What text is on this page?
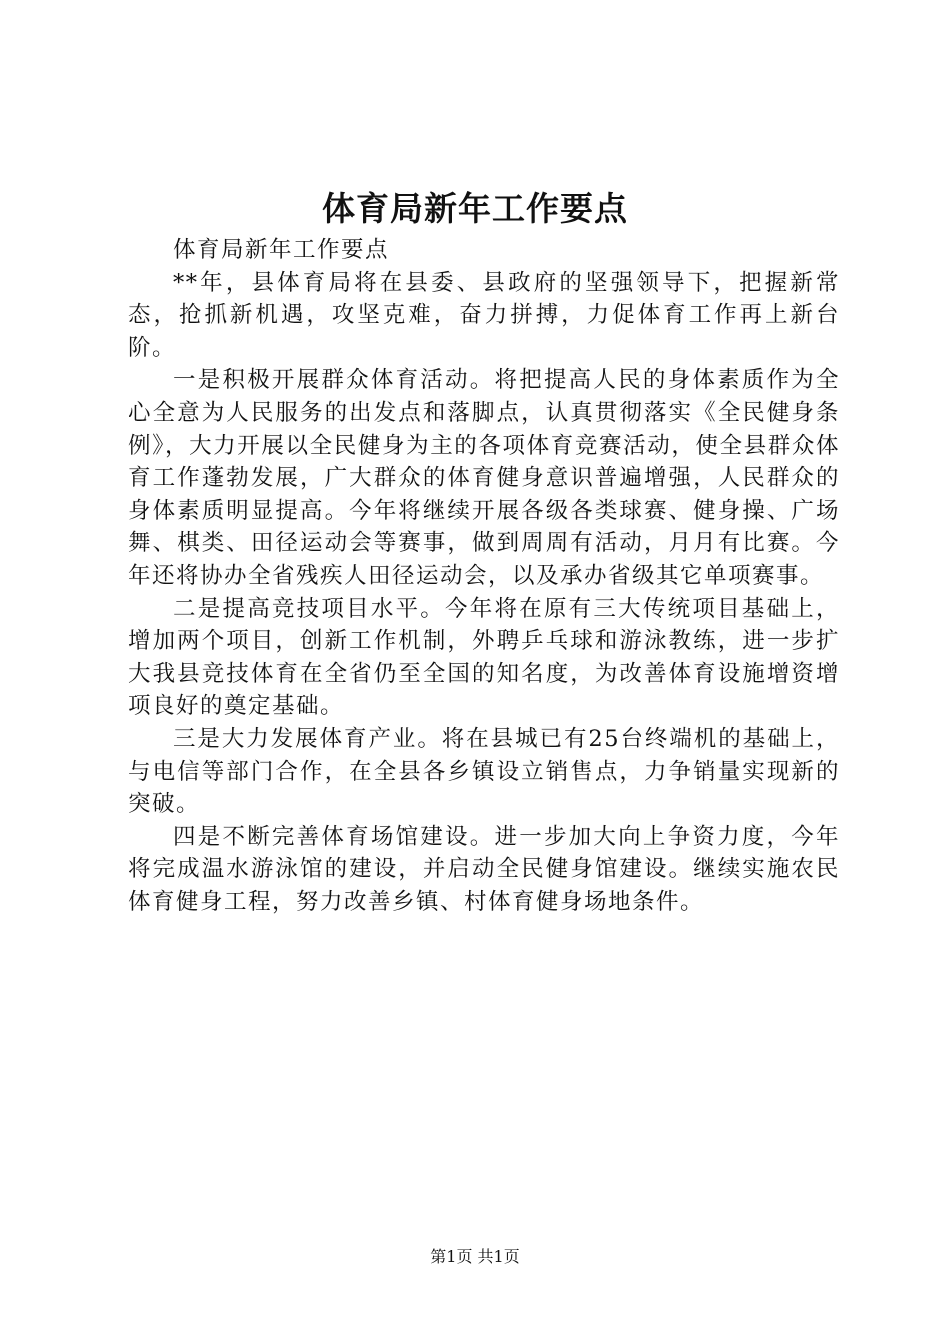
体育局新年工作要点

体育局新年工作要点

**年，县体育局将在县委、县政府的坚强领导下，把握新常态，抢抓新机遇，攻坚克难，奋力拼搏，力促体育工作再上新台阶。

一是积极开展群众体育活动。将把提高人民的身体素质作为全心全意为人民服务的出发点和落脚点，认真贯彻落实《全民健身条例》，大力开展以全民健身为主的各项体育竞赛活动，使全县群众体育工作蓬勃发展，广大群众的体育健身意识普遍增强，人民群众的身体素质明显提高。今年将继续开展各级各类球赛、健身操、广场舞、棋类、田径运动会等赛事，做到周周有活动，月月有比赛。今年还将协办全省残疾人田径运动会，以及承办省级其它单项赛事。

二是提高竞技项目水平。今年将在原有三大传统项目基础上，增加两个项目，创新工作机制，外聘乒乓球和游泳教练，进一步扩大我县竞技体育在全省仍至全国的知名度，为改善体育设施增资增项良好的奠定基础。

三是大力发展体育产业。将在县城已有25台终端机的基础上，与电信等部门合作，在全县各乡镇设立销售点，力争销量实现新的突破。

四是不断完善体育场馆建设。进一步加大向上争资力度，今年将完成温水游泳馆的建设，并启动全民健身馆建设。继续实施农民体育健身工程，努力改善乡镇、村体育健身场地条件。

第1页 共1页
